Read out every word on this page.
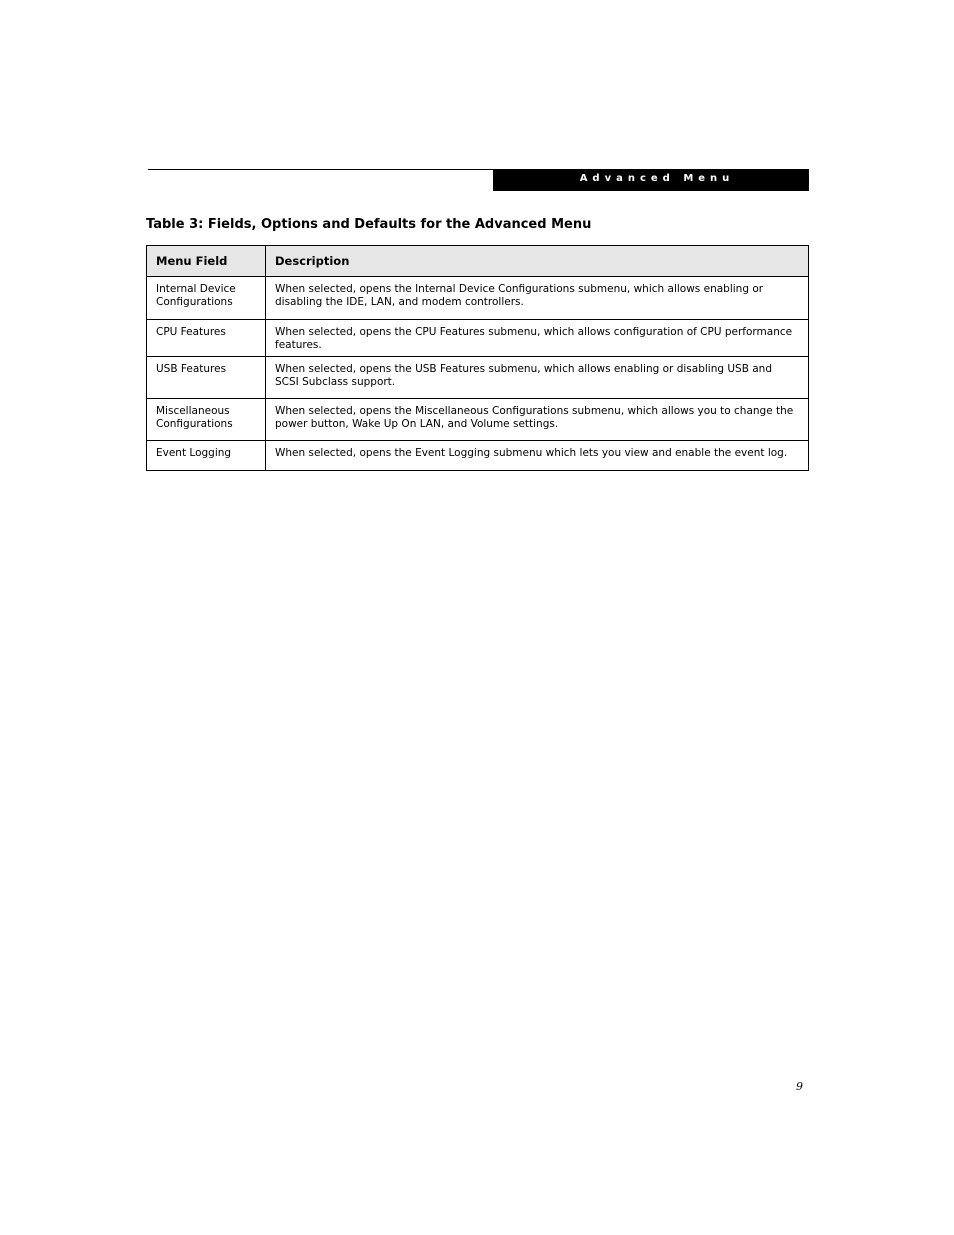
Advanced Menu
Table 3: Fields, Options and Defaults for the Advanced Menu
Menu Field	Description
Internal Device Configurations	When selected, opens the Internal Device Configurations submenu, which allows enabling or disabling the IDE, LAN, and modem controllers.
CPU Features	When selected, opens the CPU Features submenu, which allows configuration of CPU performance features.
USB Features	When selected, opens the USB Features submenu, which allows enabling or disabling USB and SCSI Subclass support.
Miscellaneous Configurations	When selected, opens the Miscellaneous Configurations submenu, which allows you to change the power button, Wake Up On LAN, and Volume settings.
Event Logging	When selected, opens the Event Logging submenu which lets you view and enable the event log.
9
